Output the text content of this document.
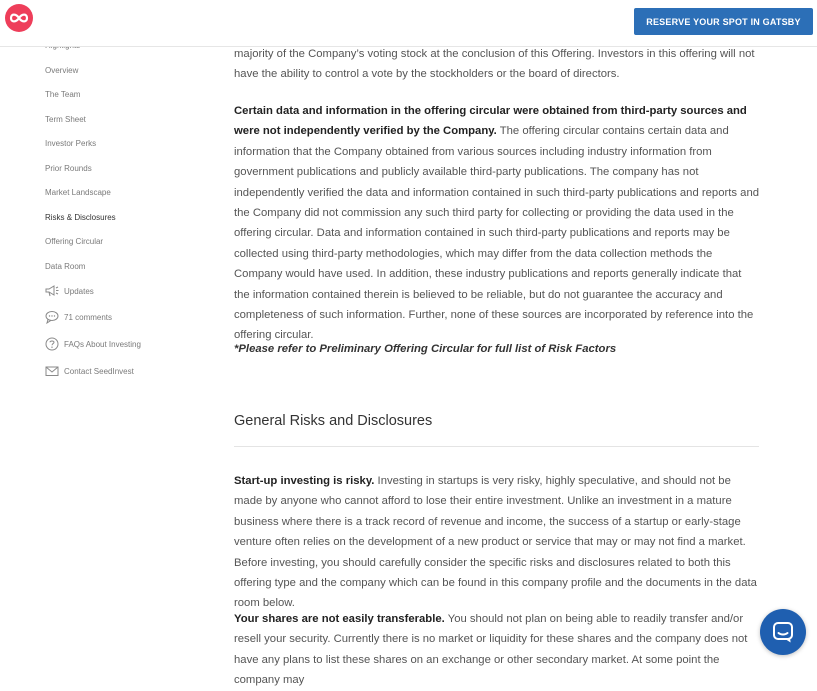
majority of the Company’s voting stock at the conclusion of this Offering. Investors in this offering will not
have the ability to control a vote by the stockholders or the board of directors.

Certain data and information in the offering circular were obtained from third-party sources and were not independently verified by the Company. The offering circular contains certain data and information that the Company obtained from various sources including industry information from government publications and publicly available third-party publications. The company has not independently verified the data and information contained in such third-party publications and reports and the Company did not commission any such third party for collecting or providing the data used in the offering circular. Data and information contained in such third-party publications and reports may be collected using third-party methodologies, which may differ from the data collection methods the Company would have used. In addition, these industry publications and reports generally indicate that the information contained therein is believed to be reliable, but do not guarantee the accuracy and completeness of such information. Further, none of these sources are incorporated by reference into the offering circular.

*Please refer to Preliminary Offering Circular for full list of Risk Factors
General Risks and Disclosures

Start-up investing is risky. Investing in startups is very risky, highly speculative, and should not be made by anyone who cannot afford to lose their entire investment. Unlike an investment in a mature business where there is a track record of revenue and income, the success of a startup or early-stage venture often relies on the development of a new product or service that may or may not find a market. Before investing, you should carefully consider the specific risks and disclosures related to both this offering type and the company which can be found in this company profile and the documents in the data room below.

Your shares are not easily transferable. You should not plan on being able to readily transfer and/or resell your security. Currently there is no market or liquidity for these shares and the company does not have any plans to list these shares on an exchange or other secondary market. At some point the company may

Overview
The Team
Term Sheet
Investor Perks
Prior Rounds
Market Landscape
Risks & Disclosures
Offering Circular
Data Room
Updates
71 comments
FAQs About Investing
Contact SeedInvest
RESERVE YOUR SPOT IN GATSBY
